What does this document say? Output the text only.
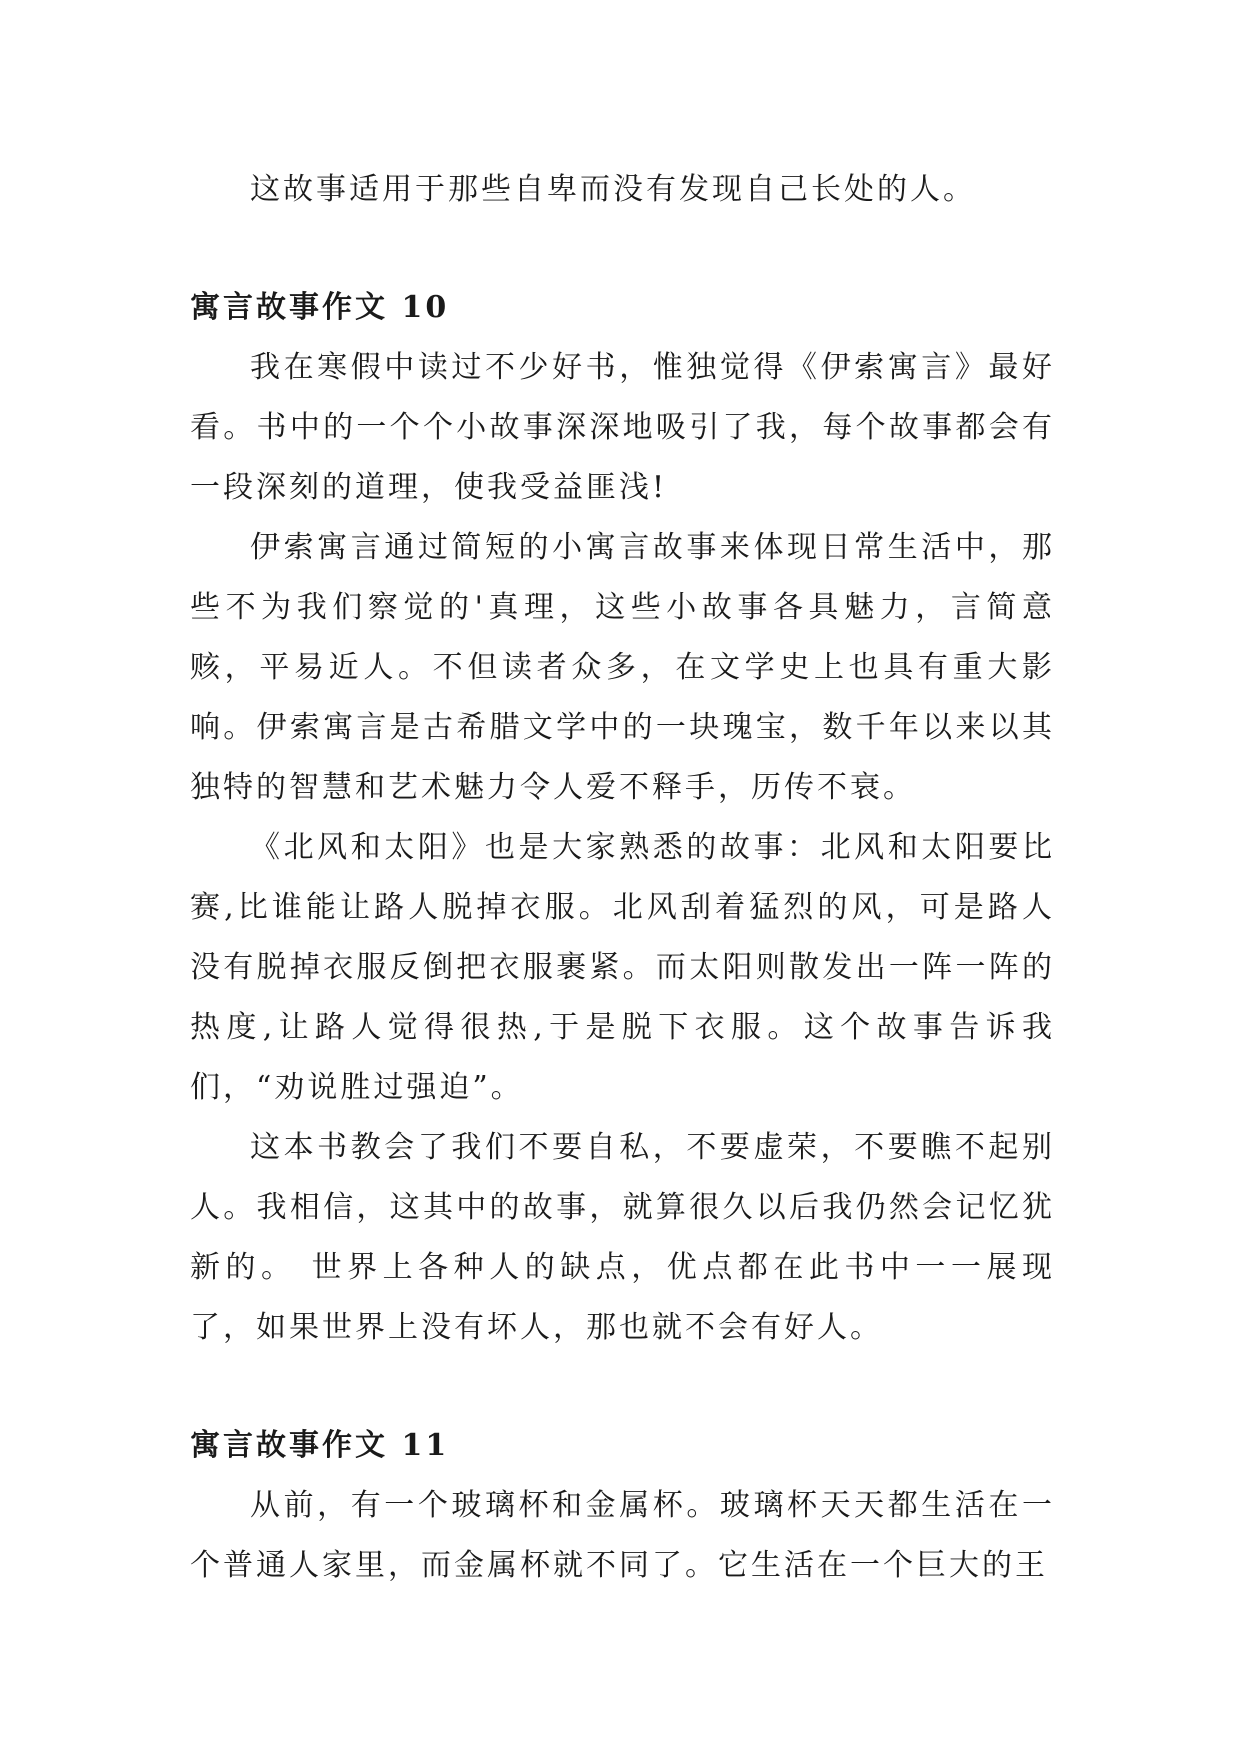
这故事适用于那些自卑而没有发现自己长处的人。

寓言故事作文 10

我在寒假中读过不少好书，惟独觉得《伊索寓言》最好看。书中的一个个小故事深深地吸引了我，每个故事都会有一段深刻的道理，使我受益匪浅!

伊索寓言通过简短的小寓言故事来体现日常生活中，那些不为我们察觉的'真理，这些小故事各具魅力，言简意赅，平易近人。不但读者众多，在文学史上也具有重大影响。伊索寓言是古希腊文学中的一块瑰宝，数千年以来以其独特的智慧和艺术魅力令人爱不释手，历传不衰。

《北风和太阳》也是大家熟悉的故事：北风和太阳要比赛,比谁能让路人脱掉衣服。北风刮着猛烈的风，可是路人没有脱掉衣服反倒把衣服裹紧。而太阳则散发出一阵一阵的热度,让路人觉得很热,于是脱下衣服。这个故事告诉我们，“劝说胜过强迫”。

这本书教会了我们不要自私，不要虚荣，不要瞧不起别人。我相信，这其中的故事，就算很久以后我仍然会记忆犹新的。 世界上各种人的缺点，优点都在此书中一一展现了，如果世界上没有坏人，那也就不会有好人。

寓言故事作文 11

从前，有一个玻璃杯和金属杯。玻璃杯天天都生活在一个普通人家里，而金属杯就不同了。它生活在一个巨大的王
